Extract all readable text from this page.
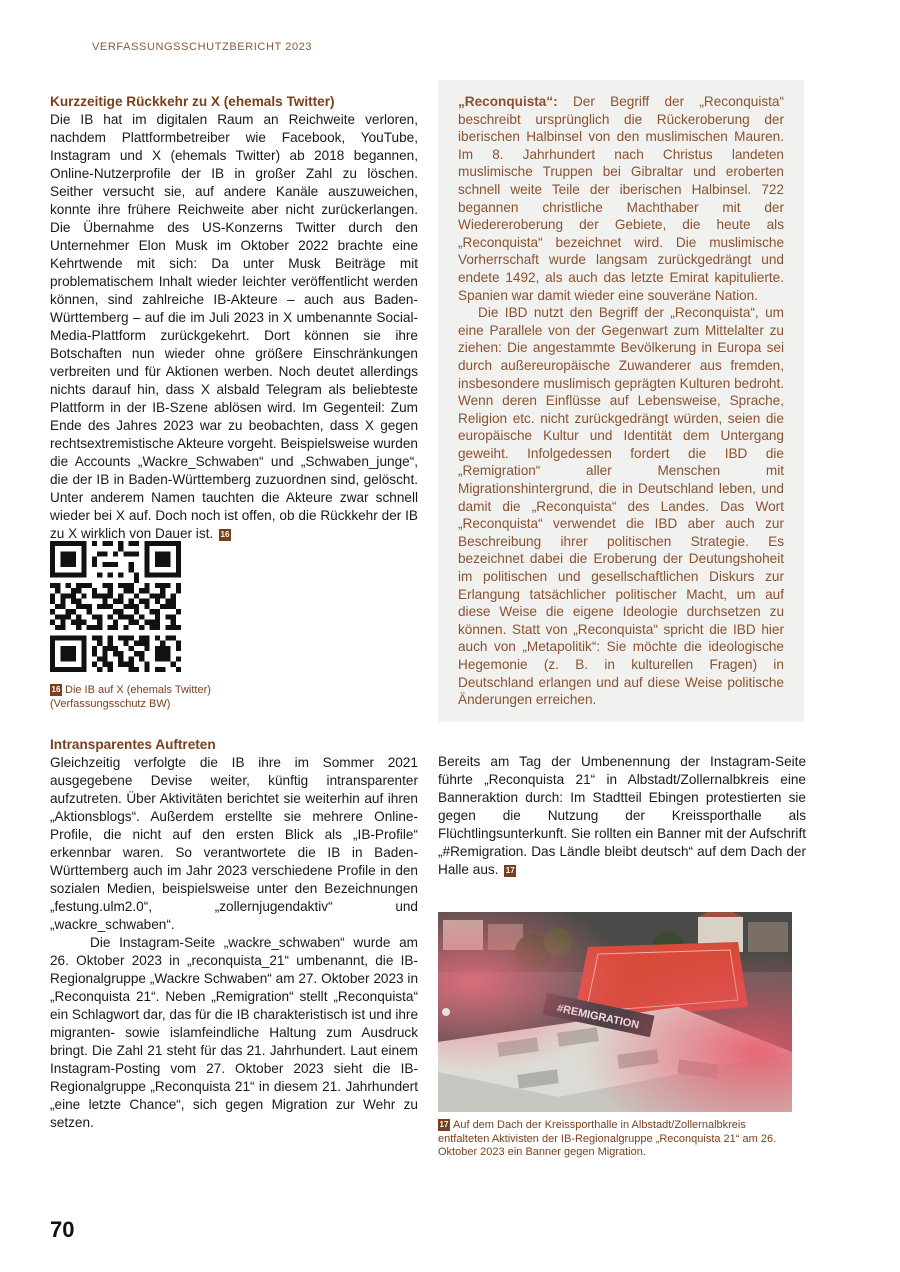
VERFASSUNGSSCHUTZBERICHT 2023
Kurzzeitige Rückkehr zu X (ehemals Twitter)

Die IB hat im digitalen Raum an Reichweite verloren, nachdem Plattformbetreiber wie Facebook, YouTube, Instagram und X (ehemals Twitter) ab 2018 begannen, Online-Nutzerprofile der IB in großer Zahl zu löschen. Seither versucht sie, auf andere Kanäle auszuweichen, konnte ihre frühere Reichweite aber nicht zurückerlangen. Die Übernahme des US-Konzerns Twitter durch den Unternehmer Elon Musk im Oktober 2022 brachte eine Kehrtwende mit sich: Da unter Musk Beiträge mit problematischem Inhalt wieder leichter veröffentlicht werden können, sind zahlreiche IB-Akteure – auch aus Baden-Württemberg – auf die im Juli 2023 in X umbenannte Social-Media-Plattform zurückgekehrt. Dort können sie ihre Botschaften nun wieder ohne größere Einschränkungen verbreiten und für Aktionen werben. Noch deutet allerdings nichts darauf hin, dass X alsbald Telegram als beliebteste Plattform in der IB-Szene ablösen wird. Im Gegenteil: Zum Ende des Jahres 2023 war zu beobachten, dass X gegen rechtsextremistische Akteure vorgeht. Beispielsweise wurden die Accounts „Wackre_Schwaben“ und „Schwaben_junge“, die der IB in Baden-Württemberg zuzuordnen sind, gelöscht. Unter anderem Namen tauchten die Akteure zwar schnell wieder bei X auf. Doch noch ist offen, ob die Rückkehr der IB zu X wirklich von Dauer ist. 16

16 Die IB auf X (ehemals Twitter) (Verfassungsschutz BW)
Intransparentes Auftreten

Gleichzeitig verfolgte die IB ihre im Sommer 2021 ausgegebene Devise weiter, künftig intransparenter aufzutreten. Über Aktivitäten berichtet sie weiterhin auf ihren „Aktionsblogs“. Außerdem erstellte sie mehrere Online-Profile, die nicht auf den ersten Blick als „IB-Profile“ erkennbar waren. So verantwortete die IB in Baden-Württemberg auch im Jahr 2023 verschiedene Profile in den sozialen Medien, beispielsweise unter den Bezeichnungen „festung.ulm2.0“, „zollernjugendaktiv“ und „wackre_schwaben“.

Die Instagram-Seite „wackre_schwaben“ wurde am 26. Oktober 2023 in „reconquista_21“ umbenannt, die IB-Regionalgruppe „Wackre Schwaben“ am 27. Oktober 2023 in „Reconquista 21“. Neben „Remigration“ stellt „Reconquista“ ein Schlagwort dar, das für die IB charakteristisch ist und ihre migranten- sowie islamfeindliche Haltung zum Ausdruck bringt. Die Zahl 21 steht für das 21. Jahrhundert. Laut einem Instagram-Posting vom 27. Oktober 2023 sieht die IB-Regionalgruppe „Reconquista 21“ in diesem 21. Jahrhundert „eine letzte Chance“, sich gegen Migration zur Wehr zu setzen.

„Reconquista“: Der Begriff der „Reconquista“ beschreibt ursprünglich die Rückeroberung der iberischen Halbinsel von den muslimischen Mauren. Im 8. Jahrhundert nach Christus landeten muslimische Truppen bei Gibraltar und eroberten schnell weite Teile der iberischen Halbinsel. 722 begannen christliche Machthaber mit der Wiedereroberung der Gebiete, die heute als „Reconquista“ bezeichnet wird. Die muslimische Vorherrschaft wurde langsam zurückgedrängt und endete 1492, als auch das letzte Emirat kapitulierte. Spanien war damit wieder eine souveräne Nation.

Die IBD nutzt den Begriff der „Reconquista“, um eine Parallele von der Gegenwart zum Mittelalter zu ziehen: Die angestammte Bevölkerung in Europa sei durch außereuropäische Zuwanderer aus fremden, insbesondere muslimisch geprägten Kulturen bedroht. Wenn deren Einflüsse auf Lebensweise, Sprache, Religion etc. nicht zurückgedrängt würden, seien die europäische Kultur und Identität dem Untergang geweiht. Infolgedessen fordert die IBD die „Remigration“ aller Menschen mit Migrationshintergrund, die in Deutschland leben, und damit die „Reconquista“ des Landes. Das Wort „Reconquista“ verwendet die IBD aber auch zur Beschreibung ihrer politischen Strategie. Es bezeichnet dabei die Eroberung der Deutungshoheit im politischen und gesellschaftlichen Diskurs zur Erlangung tatsächlicher politischer Macht, um auf diese Weise die eigene Ideologie durchsetzen zu können. Statt von „Reconquista“ spricht die IBD hier auch von „Metapolitik“: Sie möchte die ideologische Hegemonie (z. B. in kulturellen Fragen) in Deutschland erlangen und auf diese Weise politische Änderungen erreichen.

Bereits am Tag der Umbenennung der Instagram-Seite führte „Reconquista 21“ in Albstadt/Zollernalbkreis eine Banneraktion durch: Im Stadtteil Ebingen protestierten sie gegen die Nutzung der Kreissporthalle als Flüchtlingsunterkunft. Sie rollten ein Banner mit der Aufschrift „#Remigration. Das Ländle bleibt deutsch“ auf dem Dach der Halle aus. 17

17 Auf dem Dach der Kreissporthalle in Albstadt/Zollernalbkreis entfalteten Aktivisten der IB-Regionalgruppe „Reconquista 21“ am 26. Oktober 2023 ein Banner gegen Migration.
70
